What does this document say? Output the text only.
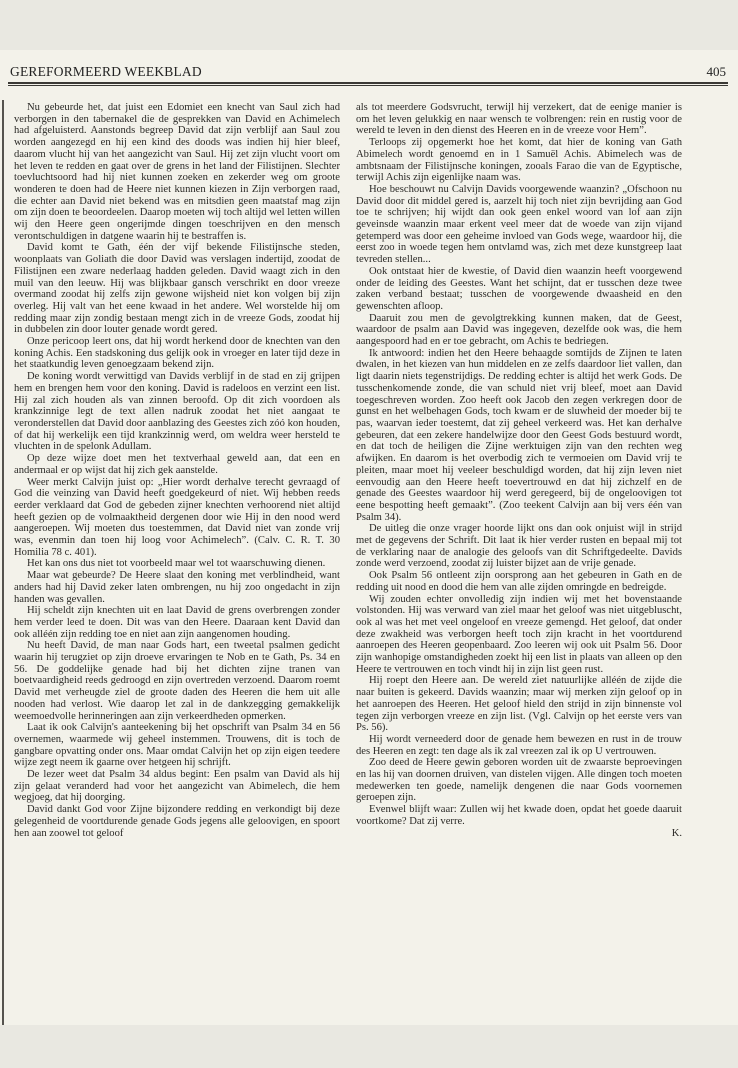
GEREFORMEERD WEEKBLAD	405

Nu gebeurde het, dat juist een Edomiet een knecht van Saul zich had verborgen in den tabernakel die de gesprekken van David en Achimelech had afgeluisterd. Aanstonds begreep David dat zijn verblijf aan Saul zou worden aangezegd en hij een kind des doods was indien hij hier bleef, daarom vlucht hij van het aangezicht van Saul. Hij zet zijn vlucht voort om het leven te redden en gaat over de grens in het land der Filistijnen. Slechter toevluchtsoord had hij niet kunnen zoeken en zekerder weg om groote wonderen te doen had de Heere niet kunnen kiezen in Zijn verborgen raad, die echter aan David niet bekend was en mitsdien geen maatstaf mag zijn om zijn doen te beoordeelen. Daarop moeten wij toch altijd wel letten willen wij den Heere geen ongerijmde dingen toeschrijven en den mensch verontschuldigen in datgene waarin hij te bestraffen is.

David komt te Gath, één der vijf bekende Filistijnsche steden, woonplaats van Goliath die door David was verslagen indertijd, zoodat de Filistijnen een zware nederlaag hadden geleden. David waagt zich in den muil van den leeuw. Hij was blijkbaar gansch verschrikt en door vreeze overmand zoodat hij zelfs zijn gewone wijsheid niet kon volgen bij zijn overleg. Hij valt van het eene kwaad in het andere. Wel worstelde hij om redding maar zijn zondig bestaan mengt zich in de vreeze Gods, zoodat hij in dubbelen zin door louter genade wordt gered.

Onze pericoop leert ons, dat hij wordt herkend door de knechten van den koning Achis. Een stadskoning dus gelijk ook in vroeger en later tijd deze in het staatkundig leven genoegzaam bekend zijn.

De koning wordt verwittigd van Davids verblijf in de stad en zij grijpen hem en brengen hem voor den koning. David is radeloos en verzint een list. Hij zal zich houden als van zinnen beroofd. Op dit zich voordoen als krankzinnige legt de text allen nadruk zoodat het niet aangaat te veronderstellen dat David door aanblazing des Geestes zich zóó kon houden, of dat hij werkelijk een tijd krankzinnig werd, om weldra weer hersteld te vluchten in de spelonk Adullam.

Op deze wijze doet men het textverhaal geweld aan, dat een en andermaal er op wijst dat hij zich gek aanstelde.

Weer merkt Calvijn juist op: „Hier wordt derhalve terecht gevraagd of God die veinzing van David heeft goedgekeurd of niet. Wij hebben reeds eerder verklaard dat God de gebeden zijner knechten verhoorend niet altijd heeft gezien op de volmaaktheid dergenen door wie Hij in den nood werd aangeroepen. Wij moeten dus toestemmen, dat David niet van zonde vrij was, evenmin dan toen hij loog voor Achimelech”. (Calv. C. R. T. 30 Homilia 78 c. 401).

Het kan ons dus niet tot voorbeeld maar wel tot waarschuwing dienen.

Maar wat gebeurde? De Heere slaat den koning met verblindheid, want anders had hij David zeker laten ombrengen, nu hij zoo ongedacht in zijn handen was gevallen.

Hij scheldt zijn knechten uit en laat David de grens overbrengen zonder hem verder leed te doen. Dit was van den Heere. Daaraan kent David dan ook alléén zijn redding toe en niet aan zijn aangenomen houding.

Nu heeft David, de man naar Gods hart, een tweetal psalmen gedicht waarin hij terugziet op zijn droeve ervaringen te Nob en te Gath, Ps. 34 en 56. De goddelijke genade had bij het dichten zijne tranen van boetvaardigheid reeds gedroogd en zijn overtreden verzoend. Daarom roemt David met verheugde ziel de groote daden des Heeren die hem uit alle nooden had verlost. Wie daarop let zal in de dankzegging gemakkelijk weemoedvolle herinneringen aan zijn verkeerdheden opmerken.

Laat ik ook Calvijn's aanteekening bij het opschrift van Psalm 34 en 56 overnemen, waarmede wij geheel instemmen. Trouwens, dit is toch de gangbare opvatting onder ons. Maar omdat Calvijn het op zijn eigen teedere wijze zegt neem ik gaarne over hetgeen hij schrijft.

De lezer weet dat Psalm 34 aldus begint: Een psalm van David als hij zijn gelaat veranderd had voor het aangezicht van Abimelech, die hem wegjoeg, dat hij doorging.

David dankt God voor Zijne bijzondere redding en verkondigt bij deze gelegenheid de voortdurende genade Gods jegens alle geloovigen, en spoort hen aan zoowel tot geloof

als tot meerdere Godsvrucht, terwijl hij verzekert, dat de eenige manier is om het leven gelukkig en naar wensch te volbrengen: rein en rustig voor de wereld te leven in den dienst des Heeren en in de vreeze voor Hem”.

Terloops zij opgemerkt hoe het komt, dat hier de koning van Gath Abimelech wordt genoemd en in 1 Samuël Achis. Abimelech was de ambtsnaam der Filistijnsche koningen, zooals Farao die van de Egyptische, terwijl Achis zijn eigenlijke naam was.

Hoe beschouwt nu Calvijn Davids voorgewende waanzin? „Ofschoon nu David door dit middel gered is, aarzelt hij toch niet zijn bevrijding aan God toe te schrijven; hij wijdt dan ook geen enkel woord van lof aan zijn geveinsde waanzin maar erkent veel meer dat de woede van zijn vijand getemperd was door een geheime invloed van Gods wege, waardoor hij, die eerst zoo in woede tegen hem ontvlamd was, zich met deze kunstgreep laat tevreden stellen...

Ook ontstaat hier de kwestie, of David dien waanzin heeft voorgewend onder de leiding des Geestes. Want het schijnt, dat er tusschen deze twee zaken verband bestaat; tusschen de voorgewende dwaasheid en den gewenschten afloop.

Daaruit zou men de gevolgtrekking kunnen maken, dat de Geest, waardoor de psalm aan David was ingegeven, dezelfde ook was, die hem aangespoord had en er toe gebracht, om Achis te bedriegen.

Ik antwoord: indien het den Heere behaagde somtijds de Zijnen te laten dwalen, in het kiezen van hun middelen en ze zelfs daardoor liet vallen, dan ligt daarin niets tegenstrijdigs. De redding echter is altijd het werk Gods. De tusschenkomende zonde, die van schuld niet vrij bleef, moet aan David toegeschreven worden. Zoo heeft ook Jacob den zegen verkregen door de gunst en het welbehagen Gods, toch kwam er de sluwheid der moeder bij te pas, waarvan ieder toestemt, dat zij geheel verkeerd was. Het kan derhalve gebeuren, dat een zekere handelwijze door den Geest Gods bestuurd wordt, en dat toch de heiligen die Zijne werktuigen zijn van den rechten weg afwijken. En daarom is het overbodig zich te vermoeien om David vrij te pleiten, maar moet hij veeleer beschuldigd worden, dat hij zijn leven niet eenvoudig aan den Heere heeft toevertrouwd en dat hij zichzelf en de genade des Geestes waardoor hij werd geregeerd, bij de ongeloovigen tot eene bespotting heeft gemaakt”. (Zoo teekent Calvijn aan bij vers één van Psalm 34).

De uitleg die onze vrager hoorde lijkt ons dan ook onjuist wijl in strijd met de gegevens der Schrift. Dit laat ik hier verder rusten en bepaal mij tot de verklaring naar de analogie des geloofs van dit Schriftgedeelte. Davids zonde werd verzoend, zoodat zij luister bijzet aan de vrije genade.

Ook Psalm 56 ontleent zijn oorsprong aan het gebeuren in Gath en de redding uit nood en dood die hem van alle zijden omringde en bedreigde.

Wij zouden echter onvolledig zijn indien wij met het bovenstaande volstonden. Hij was verward van ziel maar het geloof was niet uitgebluscht, ook al was het met veel ongeloof en vreeze gemengd. Het geloof, dat onder deze zwakheid was verborgen heeft toch zijn kracht in het voortdurend aanroepen des Heeren geopenbaard. Zoo leeren wij ook uit Psalm 56. Door zijn wanhopige omstandigheden zoekt hij een list in plaats van alleen op den Heere te vertrouwen en toch vindt hij in zijn list geen rust.

Hij roept den Heere aan. De wereld ziet natuurlijke alléén de zijde die naar buiten is gekeerd. Davids waanzin; maar wij merken zijn geloof op in het aanroepen des Heeren. Het geloof hield den strijd in zijn binnenste vol tegen zijn verborgen vreeze en zijn list. (Vgl. Calvijn op het eerste vers van Ps. 56).

Hij wordt verneederd door de genade hem bewezen en rust in de trouw des Heeren en zegt: ten dage als ik zal vreezen zal ik op U vertrouwen.

Zoo deed de Heere gewin geboren worden uit de zwaarste beproevingen en las hij van doornen druiven, van distelen vijgen. Alle dingen toch moeten medewerken ten goede, namelijk dengenen die naar Gods voornemen geroepen zijn.

Evenwel blijft waar: Zullen wij het kwade doen, opdat het goede daaruit voortkome? Dat zij verre.

K.
